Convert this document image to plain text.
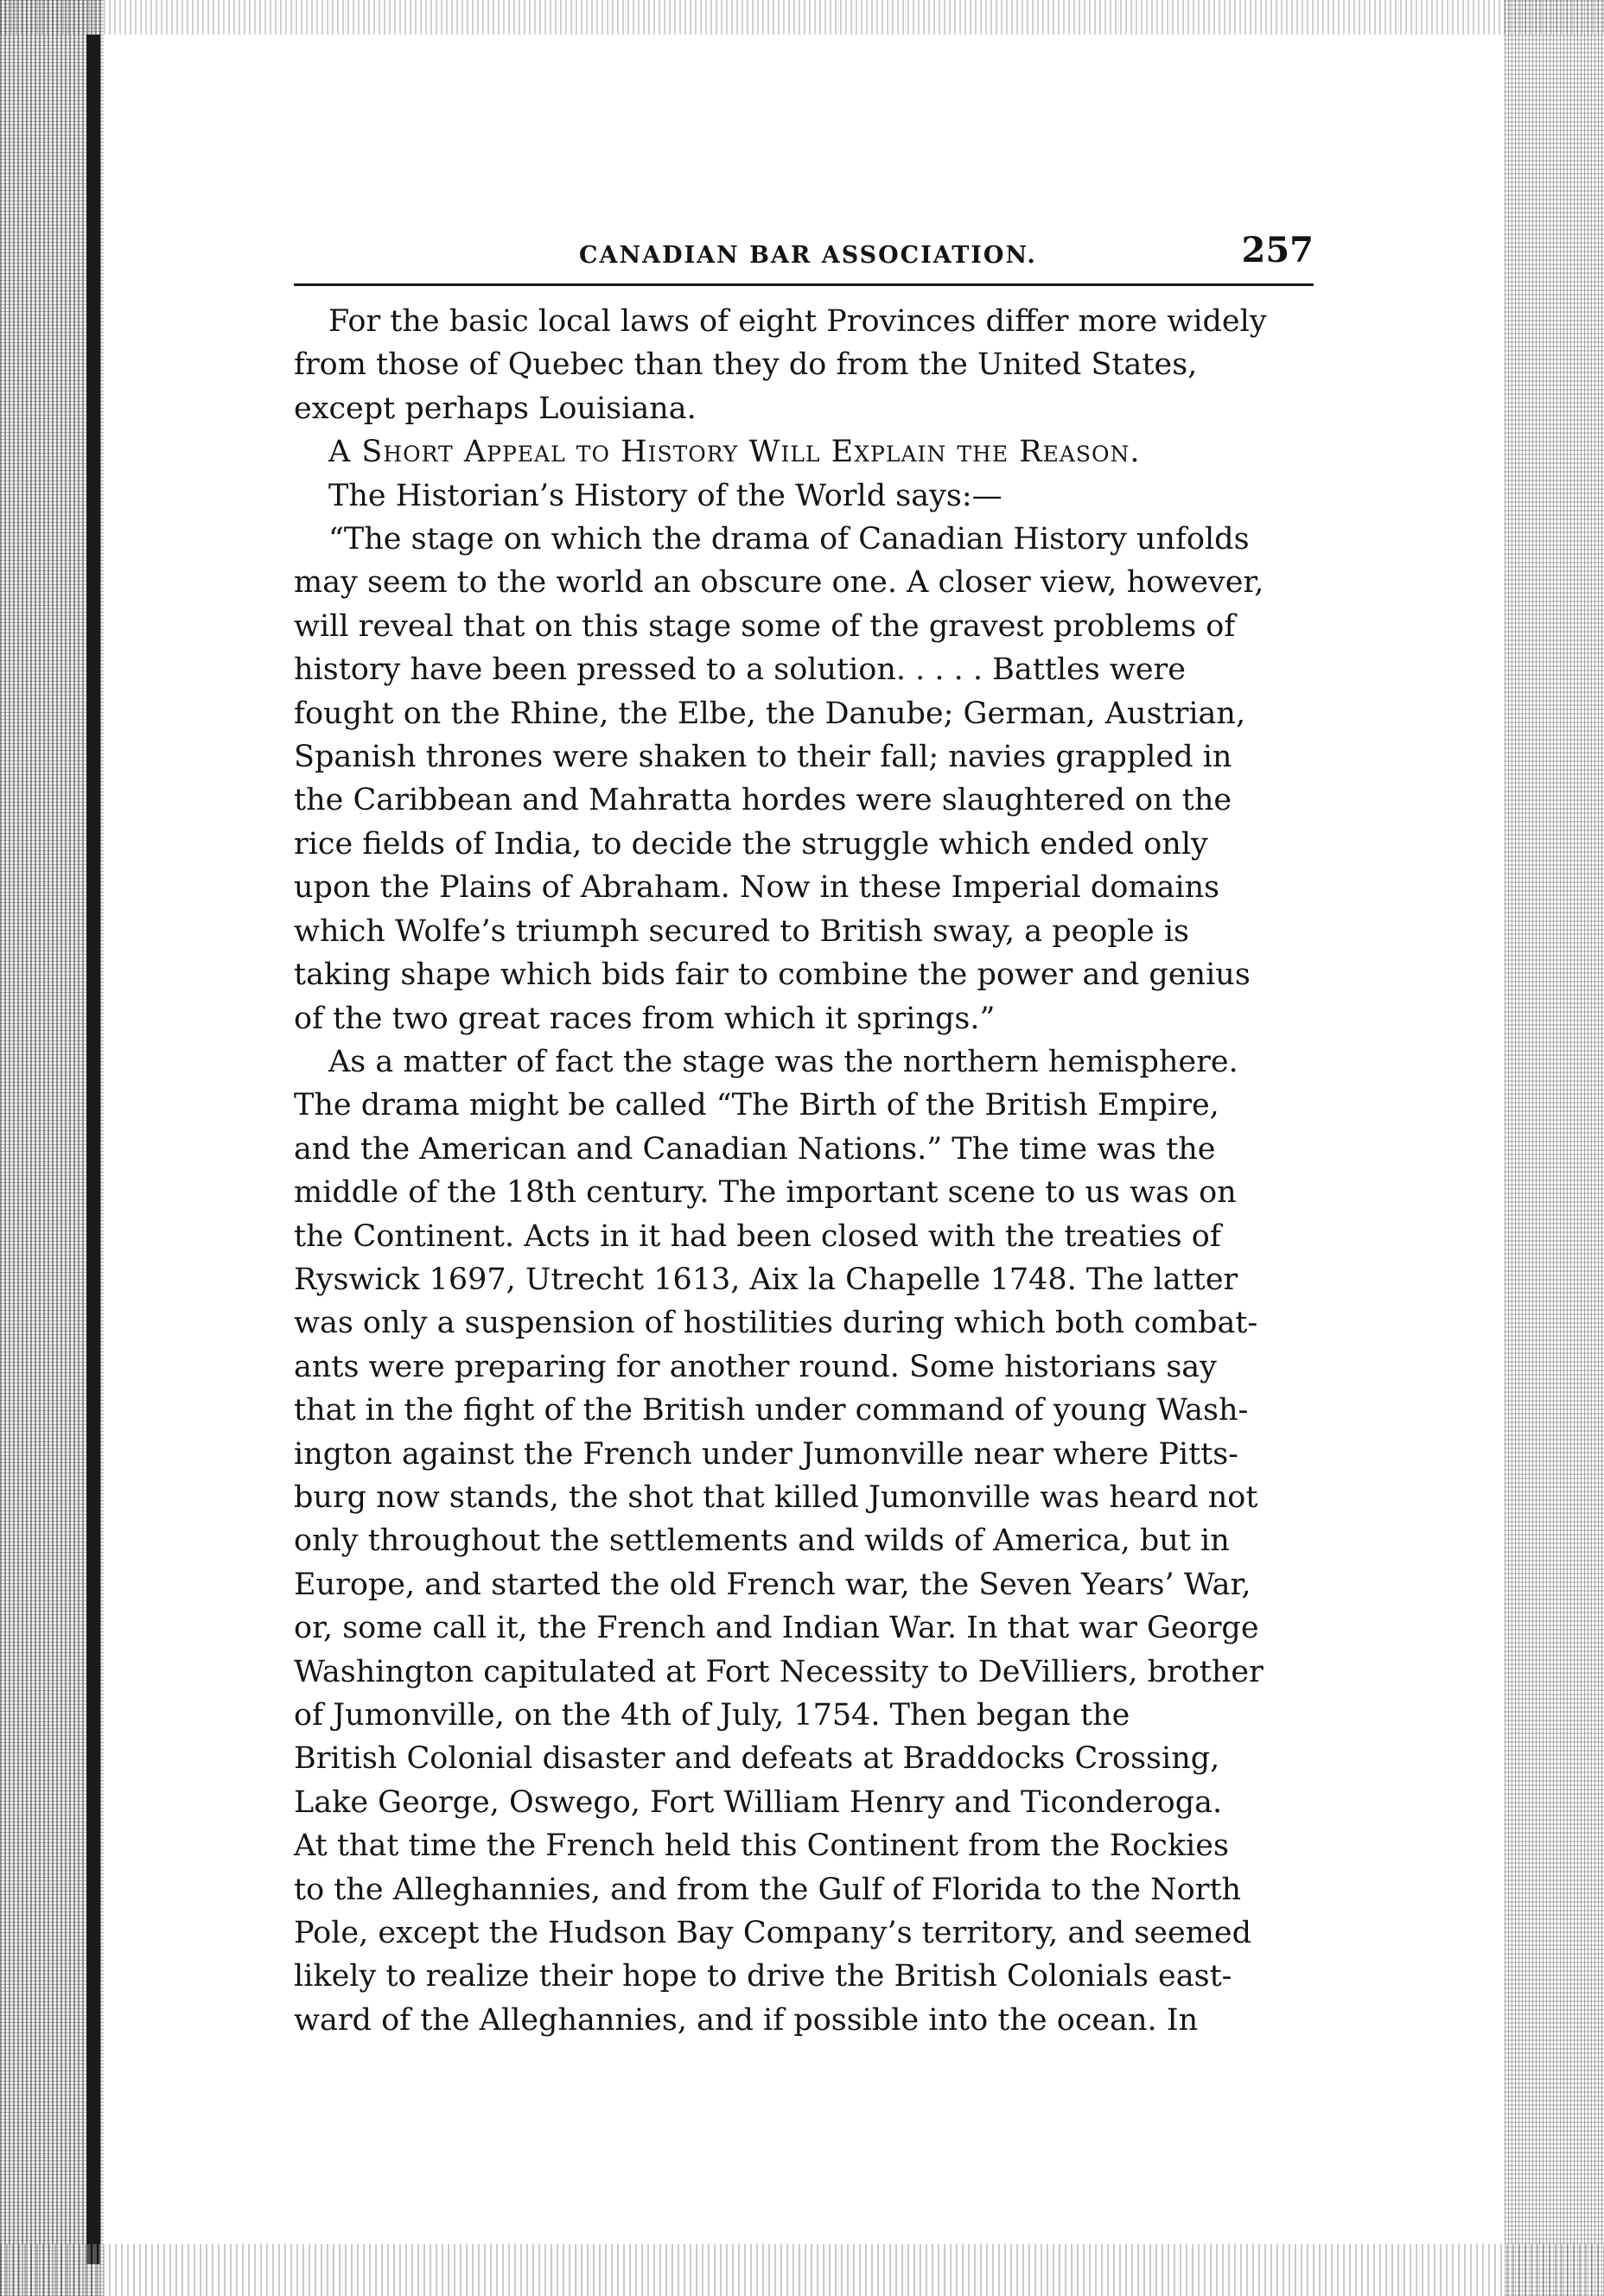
CANADIAN BAR ASSOCIATION.	257
For the basic local laws of eight Provinces differ more widely
from those of Quebec than they do from the United States,
except perhaps Louisiana.
A Short Appeal to History Will Explain the Reason.
The Historian’s History of the World says:—
“The stage on which the drama of Canadian History unfolds
may seem to the world an obscure one. A closer view, however,
will reveal that on this stage some of the gravest problems of
history have been pressed to a solution. . . . . Battles were
fought on the Rhine, the Elbe, the Danube; German, Austrian,
Spanish thrones were shaken to their fall; navies grappled in
the Caribbean and Mahratta hordes were slaughtered on the
rice fields of India, to decide the struggle which ended only
upon the Plains of Abraham. Now in these Imperial domains
which Wolfe’s triumph secured to British sway, a people is
taking shape which bids fair to combine the power and genius
of the two great races from which it springs.”
As a matter of fact the stage was the northern hemisphere.
The drama might be called “The Birth of the British Empire,
and the American and Canadian Nations.” The time was the
middle of the 18th century. The important scene to us was on
the Continent. Acts in it had been closed with the treaties of
Ryswick 1697, Utrecht 1613, Aix la Chapelle 1748. The latter
was only a suspension of hostilities during which both combat-
ants were preparing for another round. Some historians say
that in the fight of the British under command of young Wash-
ington against the French under Jumonville near where Pitts-
burg now stands, the shot that killed Jumonville was heard not
only throughout the settlements and wilds of America, but in
Europe, and started the old French war, the Seven Years’ War,
or, some call it, the French and Indian War. In that war George
Washington capitulated at Fort Necessity to DeVilliers, brother
of Jumonville, on the 4th of July, 1754. Then began the
British Colonial disaster and defeats at Braddocks Crossing,
Lake George, Oswego, Fort William Henry and Ticonderoga.
At that time the French held this Continent from the Rockies
to the Alleghannies, and from the Gulf of Florida to the North
Pole, except the Hudson Bay Company’s territory, and seemed
likely to realize their hope to drive the British Colonials east-
ward of the Alleghannies, and if possible into the ocean. In
